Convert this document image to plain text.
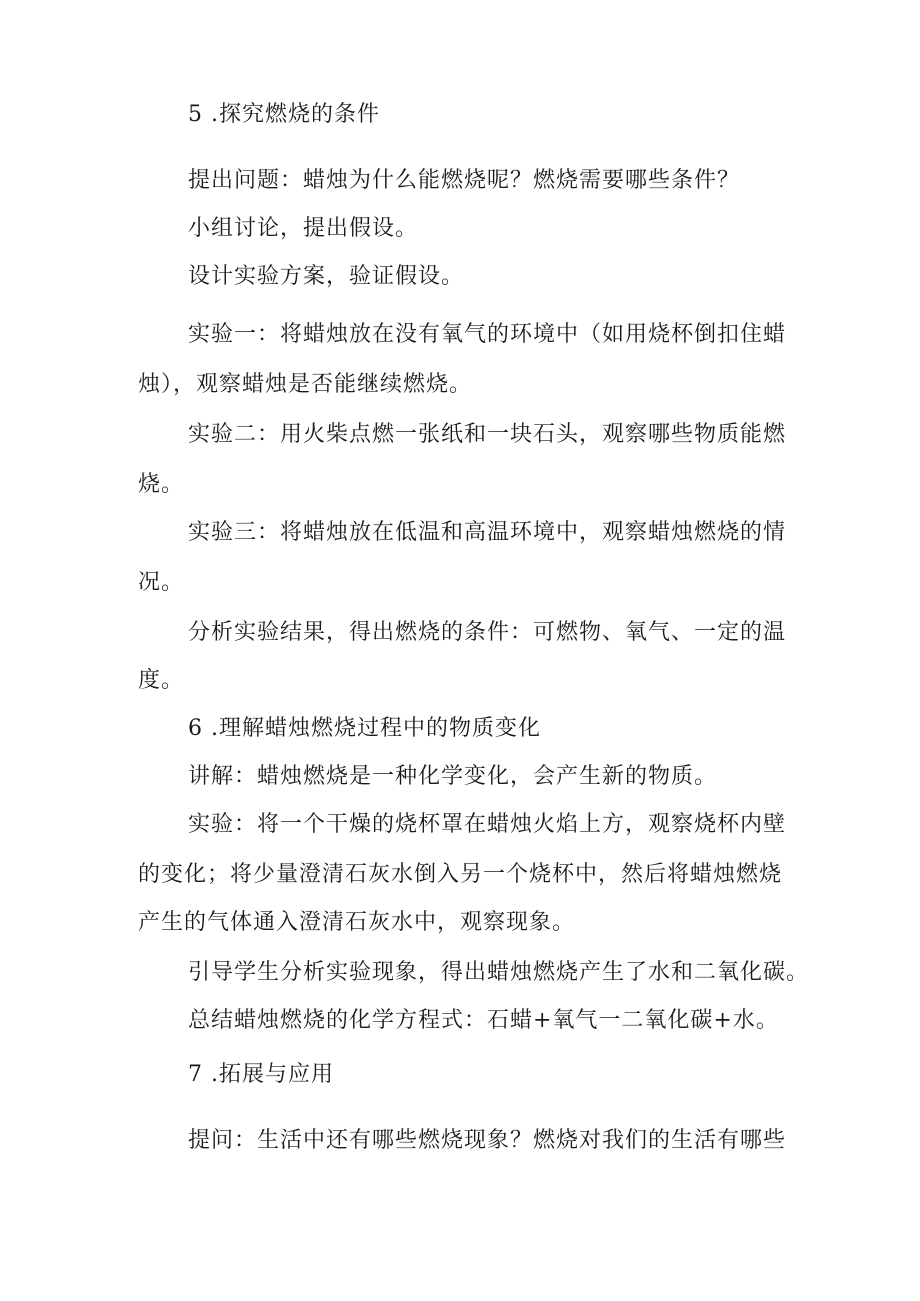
5 .探究燃烧的条件
提出问题：蜡烛为什么能燃烧呢？燃烧需要哪些条件？
小组讨论，提出假设。
设计实验方案，验证假设。
实验一：将蜡烛放在没有氧气的环境中（如用烧杯倒扣住蜡
烛），观察蜡烛是否能继续燃烧。
实验二：用火柴点燃一张纸和一块石头，观察哪些物质能燃
烧。
实验三：将蜡烛放在低温和高温环境中，观察蜡烛燃烧的情
况。
分析实验结果，得出燃烧的条件：可燃物、氧气、一定的温
度。
6 .理解蜡烛燃烧过程中的物质变化
讲解：蜡烛燃烧是一种化学变化，会产生新的物质。
实验：将一个干燥的烧杯罩在蜡烛火焰上方，观察烧杯内壁
的变化；将少量澄清石灰水倒入另一个烧杯中，然后将蜡烛燃烧
产生的气体通入澄清石灰水中，观察现象。
引导学生分析实验现象，得出蜡烛燃烧产生了水和二氧化碳。
总结蜡烛燃烧的化学方程式：石蜡+氧气一二氧化碳+水。
7 .拓展与应用
提问：生活中还有哪些燃烧现象？燃烧对我们的生活有哪些
